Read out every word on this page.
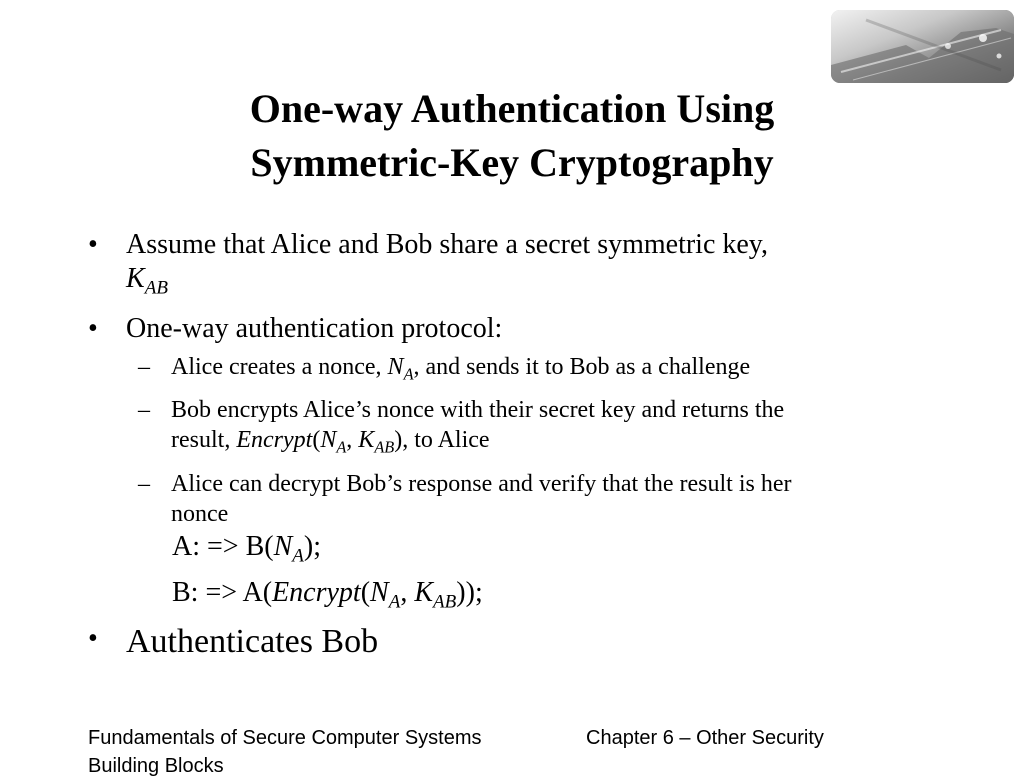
One-way Authentication Using
Symmetric-Key Cryptography
• Assume that Alice and Bob share a secret symmetric key,
$K_{AB}$
• One-way authentication protocol:
– Alice creates a nonce, $N_A$, and sends it to Bob as a challenge
– Bob encrypts Alice’s nonce with their secret key and returns the
result, $Encrypt(N_A$, $K_{AB}$), to Alice
– Alice can decrypt Bob’s response and verify that the result is her
nonce
A: => $B(N_A)$;
B: => $A(Encrypt(N_A$, $K_{AB}$));
• Authenticates Bob
Fundamentals of Secure Computer Systems
Building Blocks
Chapter 6 – Other Security
